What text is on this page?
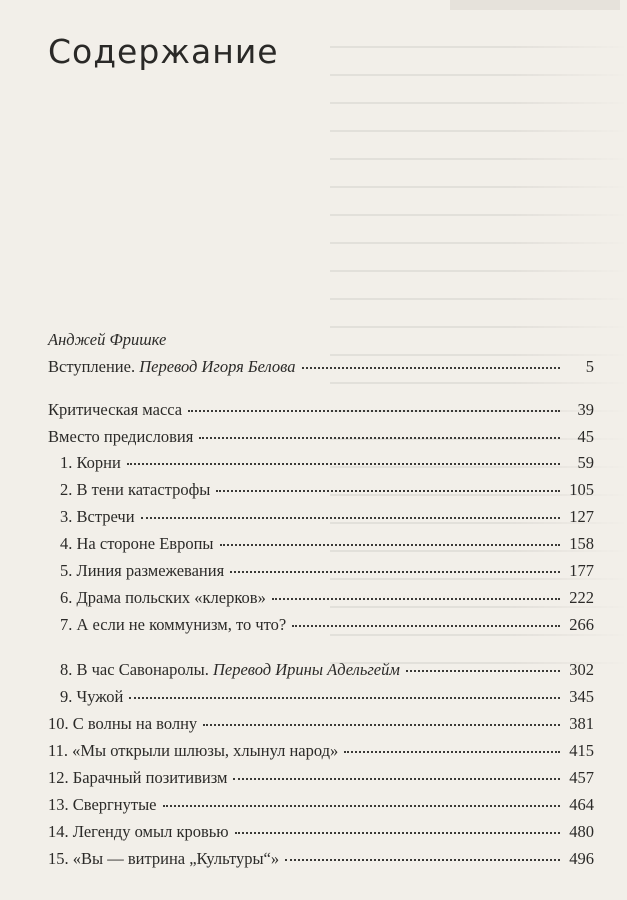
Содержание
Анджей Фришке
Вступление. Перевод Игоря Белова	5
Критическая масса	39
Вместо предисловия	45
1. Корни	59
2. В тени катастрофы	105
3. Встречи	127
4. На стороне Европы	158
5. Линия размежевания	177
6. Драма польских «клерков»	222
7. А если не коммунизм, то что?	266
8. В час Савонаролы. Перевод Ирины Адельгейм	302
9. Чужой	345
10. С волны на волну	381
11. «Мы открыли шлюзы, хлынул народ»	415
12. Барачный позитивизм	457
13. Свергнутые	464
14. Легенду омыл кровью	480
15. «Вы — витрина „Культуры“»	496
